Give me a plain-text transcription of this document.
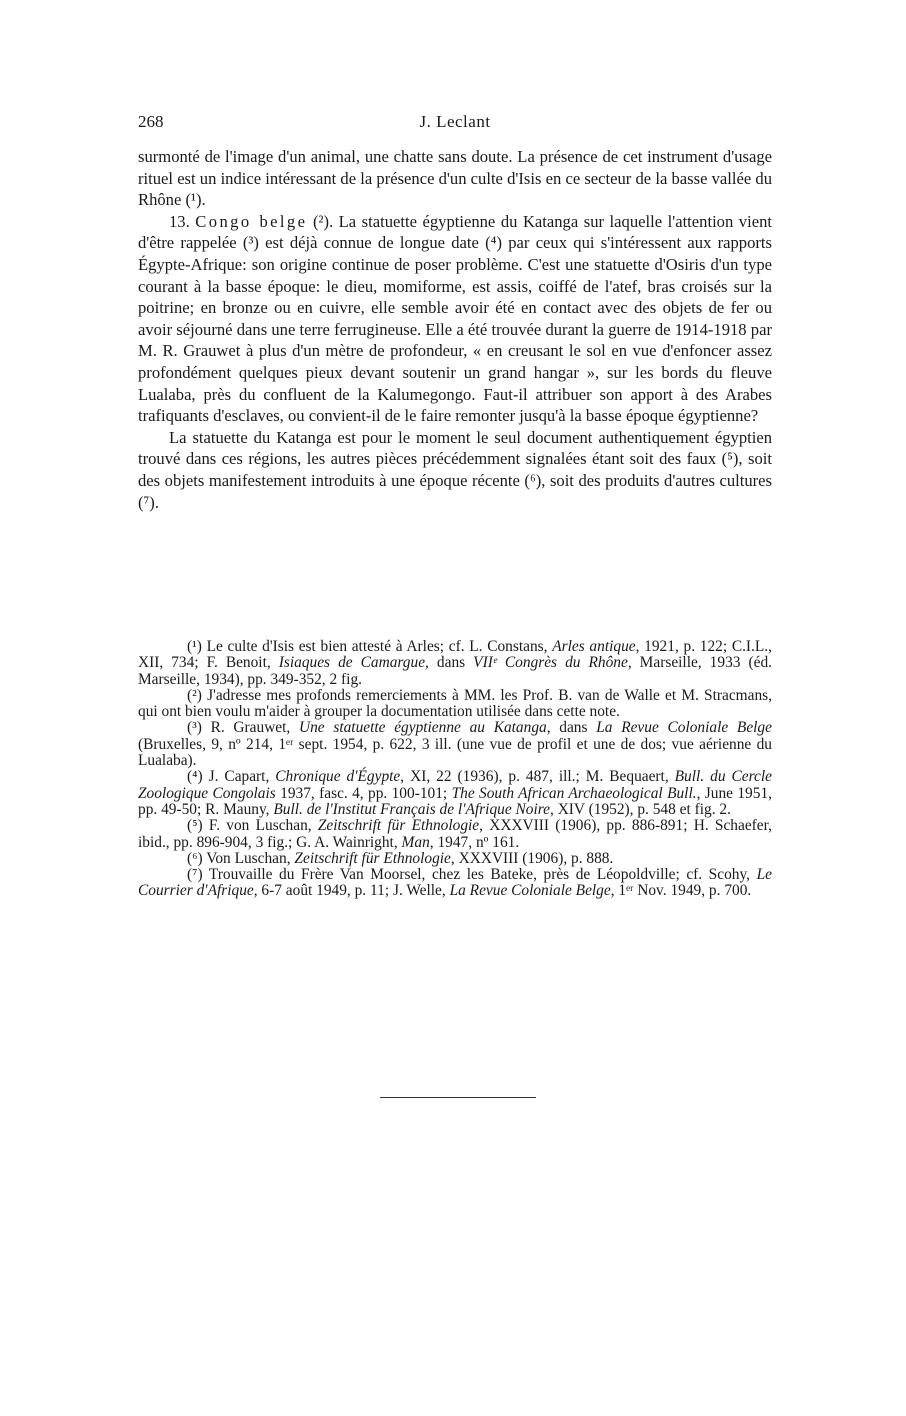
268	J. Leclant

surmonté de l'image d'un animal, une chatte sans doute. La présence de cet instrument d'usage rituel est un indice intéressant de la présence d'un culte d'Isis en ce secteur de la basse vallée du Rhône (¹).

13. Congo belge (²). La statuette égyptienne du Katanga sur laquelle l'attention vient d'être rappelée (³) est déjà connue de longue date (⁴) par ceux qui s'intéressent aux rapports Égypte-Afrique: son origine continue de poser problème. C'est une statuette d'Osiris d'un type courant à la basse époque: le dieu, momiforme, est assis, coiffé de l'atef, bras croisés sur la poitrine; en bronze ou en cuivre, elle semble avoir été en contact avec des objets de fer ou avoir séjourné dans une terre ferrugineuse. Elle a été trouvée durant la guerre de 1914-1918 par M. R. Grauwet à plus d'un mètre de profondeur, « en creusant le sol en vue d'enfoncer assez profondément quelques pieux devant soutenir un grand hangar », sur les bords du fleuve Lualaba, près du confluent de la Kalumegongo. Faut-il attribuer son apport à des Arabes trafiquants d'esclaves, ou convient-il de le faire remonter jusqu'à la basse époque égyptienne?

La statuette du Katanga est pour le moment le seul document authentiquement égyptien trouvé dans ces régions, les autres pièces précédemment signalées étant soit des faux (⁵), soit des objets manifestement introduits à une époque récente (⁶), soit des produits d'autres cultures (⁷).

(¹) Le culte d'Isis est bien attesté à Arles; cf. L. Constans, Arles antique, 1921, p. 122; C.I.L., XII, 734; F. Benoit, Isiaques de Camargue, dans VIIᵉ Congrès du Rhône, Marseille, 1933 (éd. Marseille, 1934), pp. 349-352, 2 fig.

(²) J'adresse mes profonds remerciements à MM. les Prof. B. van de Walle et M. Stracmans, qui ont bien voulu m'aider à grouper la documentation utilisée dans cette note.

(³) R. Grauwet, Une statuette égyptienne au Katanga, dans La Revue Coloniale Belge (Bruxelles, 9, nº 214, 1ᵉʳ sept. 1954, p. 622, 3 ill. (une vue de profil et une de dos; vue aérienne du Lualaba).

(⁴) J. Capart, Chronique d'Égypte, XI, 22 (1936), p. 487, ill.; M. Bequaert, Bull. du Cercle Zoologique Congolais 1937, fasc. 4, pp. 100-101; The South African Archaeological Bull., June 1951, pp. 49-50; R. Mauny, Bull. de l'Institut Français de l'Afrique Noire, XIV (1952), p. 548 et fig. 2.

(⁵) F. von Luschan, Zeitschrift für Ethnologie, XXXVIII (1906), pp. 886-891; H. Schaefer, ibid., pp. 896-904, 3 fig.; G. A. Wainright, Man, 1947, nº 161.

(⁶) Von Luschan, Zeitschrift für Ethnologie, XXXVIII (1906), p. 888.

(⁷) Trouvaille du Frère Van Moorsel, chez les Bateke, près de Léopoldville; cf. Scohy, Le Courrier d'Afrique, 6-7 août 1949, p. 11; J. Welle, La Revue Coloniale Belge, 1ᵉʳ Nov. 1949, p. 700.
